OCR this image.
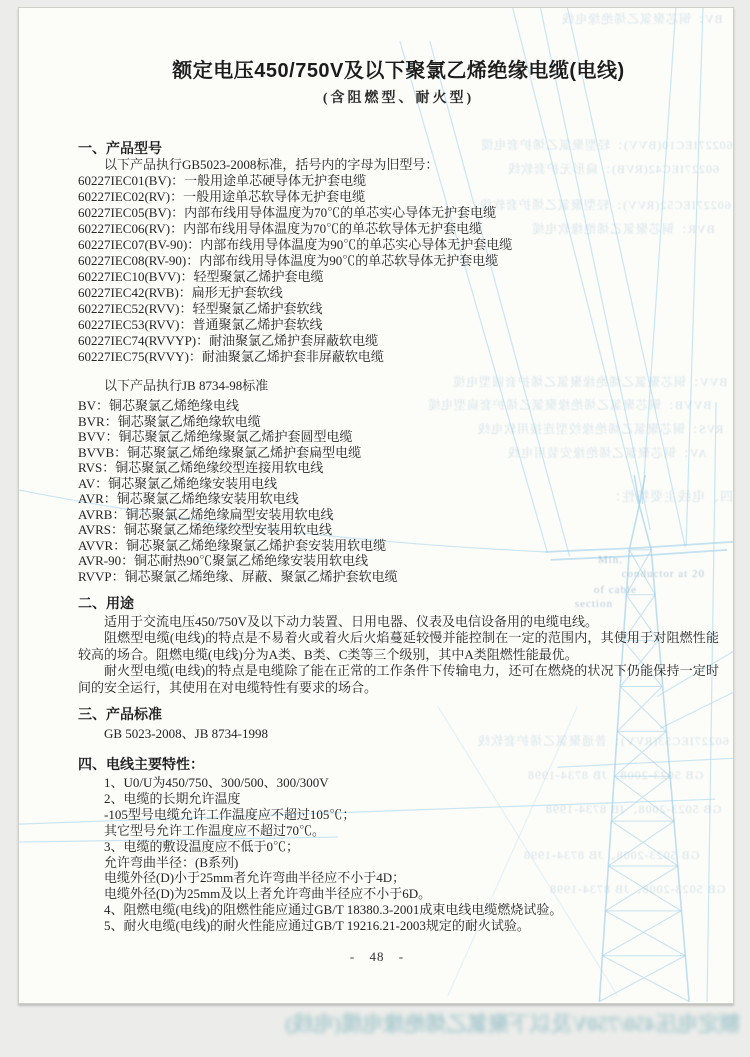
BV：铜芯聚氯乙烯绝缘电线
60227IEC10(BVV)：轻型聚氯乙烯护套电缆
60227IEC42(RVB)：扁形无护套软线
60227IEC52(RVV)：轻型聚氯乙烯护套软线
BVR：铜芯聚氯乙烯绝缘软电缆
BVV：铜芯聚氯乙烯绝缘聚氯乙烯护套圆型电缆
BVVB：铜芯聚氯乙烯绝缘聚氯乙烯护套扁型电缆
RVS：铜芯聚氯乙烯绝缘绞型连接用软电线
AV：铜芯聚氯乙烯绝缘安装用电线
四、电线主要特性：
Min.
conductor at 20
of cable
section
60227IEC53(RVV)：普通聚氯乙烯护套软线
GB 5023-2008、JB 8734-1998
GB 5023-2008、JB 8734-1998
GB 5023-2008、JB 8734-1998
GB 5023-2008、JB 8734-1998
额定电压450/750V及以下聚氯乙烯绝缘电缆(电线)
(含阻燃型、耐火型)
一、产品型号

以下产品执行GB5023-2008标准，括号内的字母为旧型号：

60227IEC01(BV)：一般用途单芯硬导体无护套电缆
60227IEC02(RV)：一般用途单芯软导体无护套电缆
60227IEC05(BV)：内部布线用导体温度为70℃的单芯实心导体无护套电缆
60227IEC06(RV)：内部布线用导体温度为70℃的单芯软导体无护套电缆
60227IEC07(BV-90)：内部布线用导体温度为90℃的单芯实心导体无护套电缆
60227IEC08(RV-90)：内部布线用导体温度为90℃的单芯软导体无护套电缆
60227IEC10(BVV)：轻型聚氯乙烯护套电缆
60227IEC42(RVB)：扁形无护套软线
60227IEC52(RVV)：轻型聚氯乙烯护套软线
60227IEC53(RVV)：普通聚氯乙烯护套软线
60227IEC74(RVVYP)：耐油聚氯乙烯护套屏蔽软电缆
60227IEC75(RVVY)：耐油聚氯乙烯护套非屏蔽软电缆

以下产品执行JB 8734-98标准

BV：铜芯聚氯乙烯绝缘电线
BVR：铜芯聚氯乙烯绝缘软电缆
BVV：铜芯聚氯乙烯绝缘聚氯乙烯护套圆型电缆
BVVB：铜芯聚氯乙烯绝缘聚氯乙烯护套扁型电缆
RVS：铜芯聚氯乙烯绝缘绞型连接用软电线
AV：铜芯聚氯乙烯绝缘安装用电线
AVR：铜芯聚氯乙烯绝缘安装用软电线
AVRB：铜芯聚氯乙烯绝缘扁型安装用软电线
AVRS：铜芯聚氯乙烯绝缘绞型安装用软电线
AVVR：铜芯聚氯乙烯绝缘聚氯乙烯护套安装用软电缆
AVR-90：铜芯耐热90℃聚氯乙烯绝缘安装用软电线
RVVP：铜芯聚氯乙烯绝缘、屏蔽、聚氯乙烯护套软电缆
二、用途

适用于交流电压450/750V及以下动力装置、日用电器、仪表及电信设备用的电缆电线。

阻燃型电缆(电线)的特点是不易着火或着火后火焰蔓延较慢并能控制在一定的范围内，其使用于对阻燃性能较高的场合。阻燃电缆(电线)分为A类、B类、C类等三个级别，其中A类阻燃性能最优。

耐火型电缆(电线)的特点是电缆除了能在正常的工作条件下传输电力，还可在燃烧的状况下仍能保持一定时间的安全运行，其使用在对电缆特性有要求的场合。

三、产品标准

GB 5023-2008、JB 8734-1998

四、电线主要特性：
1、U0/U为450/750、300/500、300/300V
2、电缆的长期允许温度
-105型号电缆允许工作温度应不超过105℃；
其它型号允许工作温度应不超过70℃。
3、电缆的敷设温度应不低于0℃；
允许弯曲半径：(B系列)
电缆外径(D)小于25mm者允许弯曲半径应不小于4D；
电缆外径(D)为25mm及以上者允许弯曲半径应不小于6D。
4、阻燃电缆(电线)的阻燃性能应通过GB/T 18380.3-2001成束电线电缆燃烧试验。
5、耐火电缆(电线)的耐火性能应通过GB/T 19216.21-2003规定的耐火试验。
- 48 -
额定电压450/750V及以下聚氯乙烯绝缘电缆(电线)
